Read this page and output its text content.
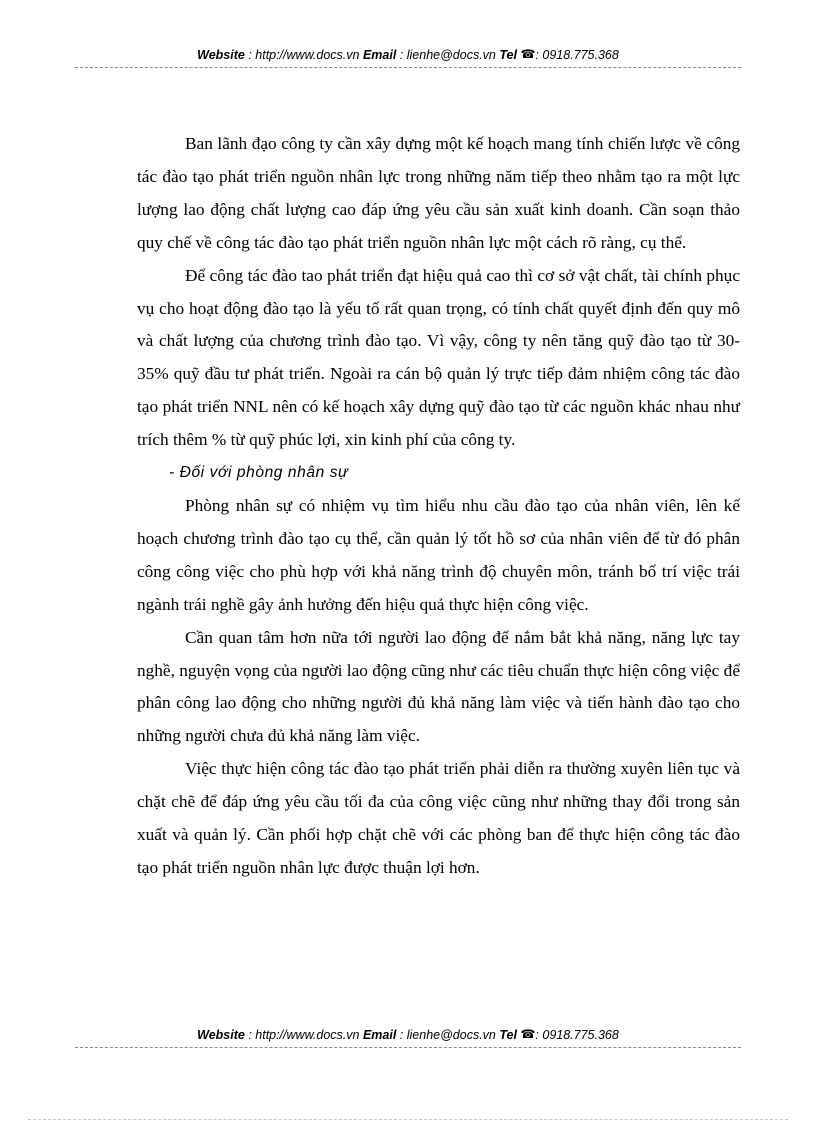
Website : http://www.docs.vn Email : lienhe@docs.vn Tel ☎: 0918.775.368

Ban lãnh đạo công ty cần xây dựng một kế hoạch mang tính chiến lược về công tác đào tạo phát triển nguồn nhân lực trong những năm tiếp theo nhằm tạo ra một lực lượng lao động chất lượng cao đáp ứng yêu cầu sản xuất kinh doanh. Cần soạn thảo quy chế về công tác đào tạo phát triển nguồn nhân lực một cách rõ ràng, cụ thể.

Để công tác đào tao phát triển đạt hiệu quả cao thì cơ sở vật chất, tài chính phục vụ cho hoạt động đào tạo là yếu tố rất quan trọng, có tính chất quyết định đến quy mô và chất lượng của chương trình đào tạo. Vì vậy, công ty nên tăng quỹ đào tạo từ 30-35% quỹ đầu tư phát triển. Ngoài ra cán bộ quản lý trực tiếp đảm nhiệm công tác đào tạo phát triển NNL nên có kế hoạch xây dựng quỹ đào tạo từ các nguồn khác nhau như trích thêm % từ quỹ phúc lợi, xin kinh phí của công ty.

- Đối với phòng nhân sự

Phòng nhân sự có nhiệm vụ tìm hiểu nhu cầu đào tạo của nhân viên, lên kế hoạch chương trình đào tạo cụ thể, cần quản lý tốt hồ sơ của nhân viên để từ đó phân công công việc cho phù hợp với khả năng trình độ chuyên môn, tránh bố trí việc trái ngành trái nghề gây ảnh hưởng đến hiệu quả thực hiện công việc.

Cần quan tâm hơn nữa tới người lao động để nắm bắt khả năng, năng lực tay nghề, nguyện vọng của người lao động cũng như các tiêu chuẩn thực hiện công việc để phân công lao động cho những người đủ khả năng làm việc và tiến hành đào tạo cho những người chưa đủ khả năng làm việc.

Việc thực hiện công tác đào tạo phát triển phải diễn ra thường xuyên liên tục và chặt chẽ để đáp ứng yêu cầu tối đa của công việc cũng như những thay đổi trong sản xuất và quản lý. Cần phối hợp chặt chẽ với các phòng ban để thực hiện công tác đào tạo phát triển nguồn nhân lực được thuận lợi hơn.

Website : http://www.docs.vn Email : lienhe@docs.vn Tel ☎: 0918.775.368
